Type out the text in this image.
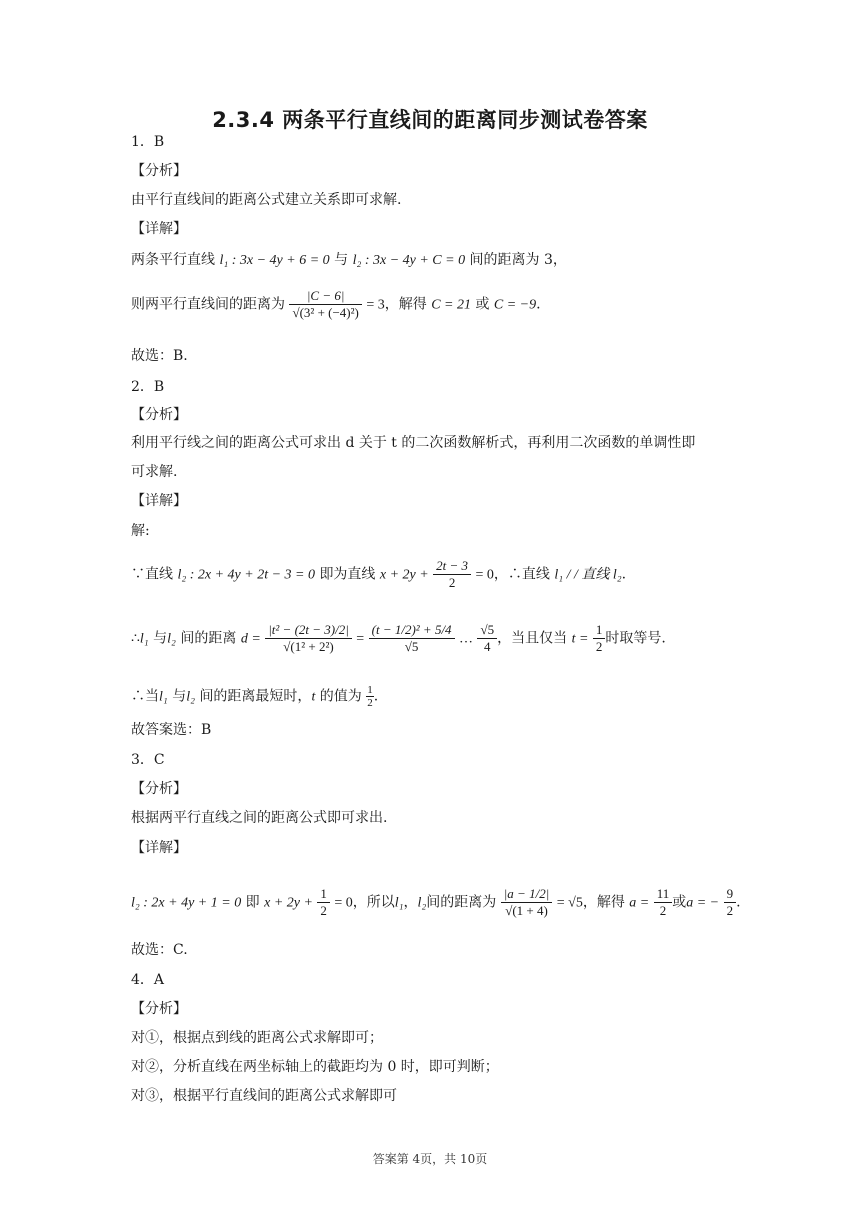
2.3.4 两条平行直线间的距离同步测试卷答案
1．B
【分析】
由平行直线间的距离公式建立关系即可求解.
【详解】
两条平行直线 l₁ : 3x − 4y + 6 = 0 与 l₂ : 3x − 4y + C = 0 间的距离为 3，
则两平行直线间的距离为 $\frac{|C - 6|}{\text{√(3² + (−4)²)}} = 3$，解得 C = 21 或 C = −9.
故选：B.
2．B
【分析】
利用平行线之间的距离公式可求出 d 关于 t 的二次函数解析式，再利用二次函数的单调性即
可求解.
【详解】
解:
∵直线 l₂ : 2x + 4y + 2t − 3 = 0 即为直线 $x + 2y + \frac{2t - 3}{2} = 0$，∴直线 l₁ / / 直线 l₂.
∴l₁ 与l₂ 间的距离 $d = \frac{\text{|t² − (2t − 3)/2|}}{\text{√(1² + 2²)}} = \frac{\text{(t − 1/2)² + 5/4}}{√5}$ … $\frac{√5}{4}$ ，当且仅当 $t = \frac{1}{2}$ 时取等号.
∴当l₁ 与l₂ 间的距离最短时，t 的值为 $\frac{1}{2}$ .
故答案选：B
3．C
【分析】
根据两平行直线之间的距离公式即可求出.
【详解】
l₂ : 2x + 4y + 1 = 0 即 $x + 2y + \frac{1}{2} = 0$，所以l₁，l₂间的距离为 $\frac{|a - 1/2|}{√(1 + 4)} = √5$，解得 $a = \frac{11}{2}$ 或a = − $\frac{9}{2}$ .
故选：C.
4．A
【分析】
对①，根据点到线的距离公式求解即可；
对②，分析直线在两坐标轴上的截距均为 0 时，即可判断；
对③，根据平行直线间的距离公式求解即可
答案第 4页，共 10页
